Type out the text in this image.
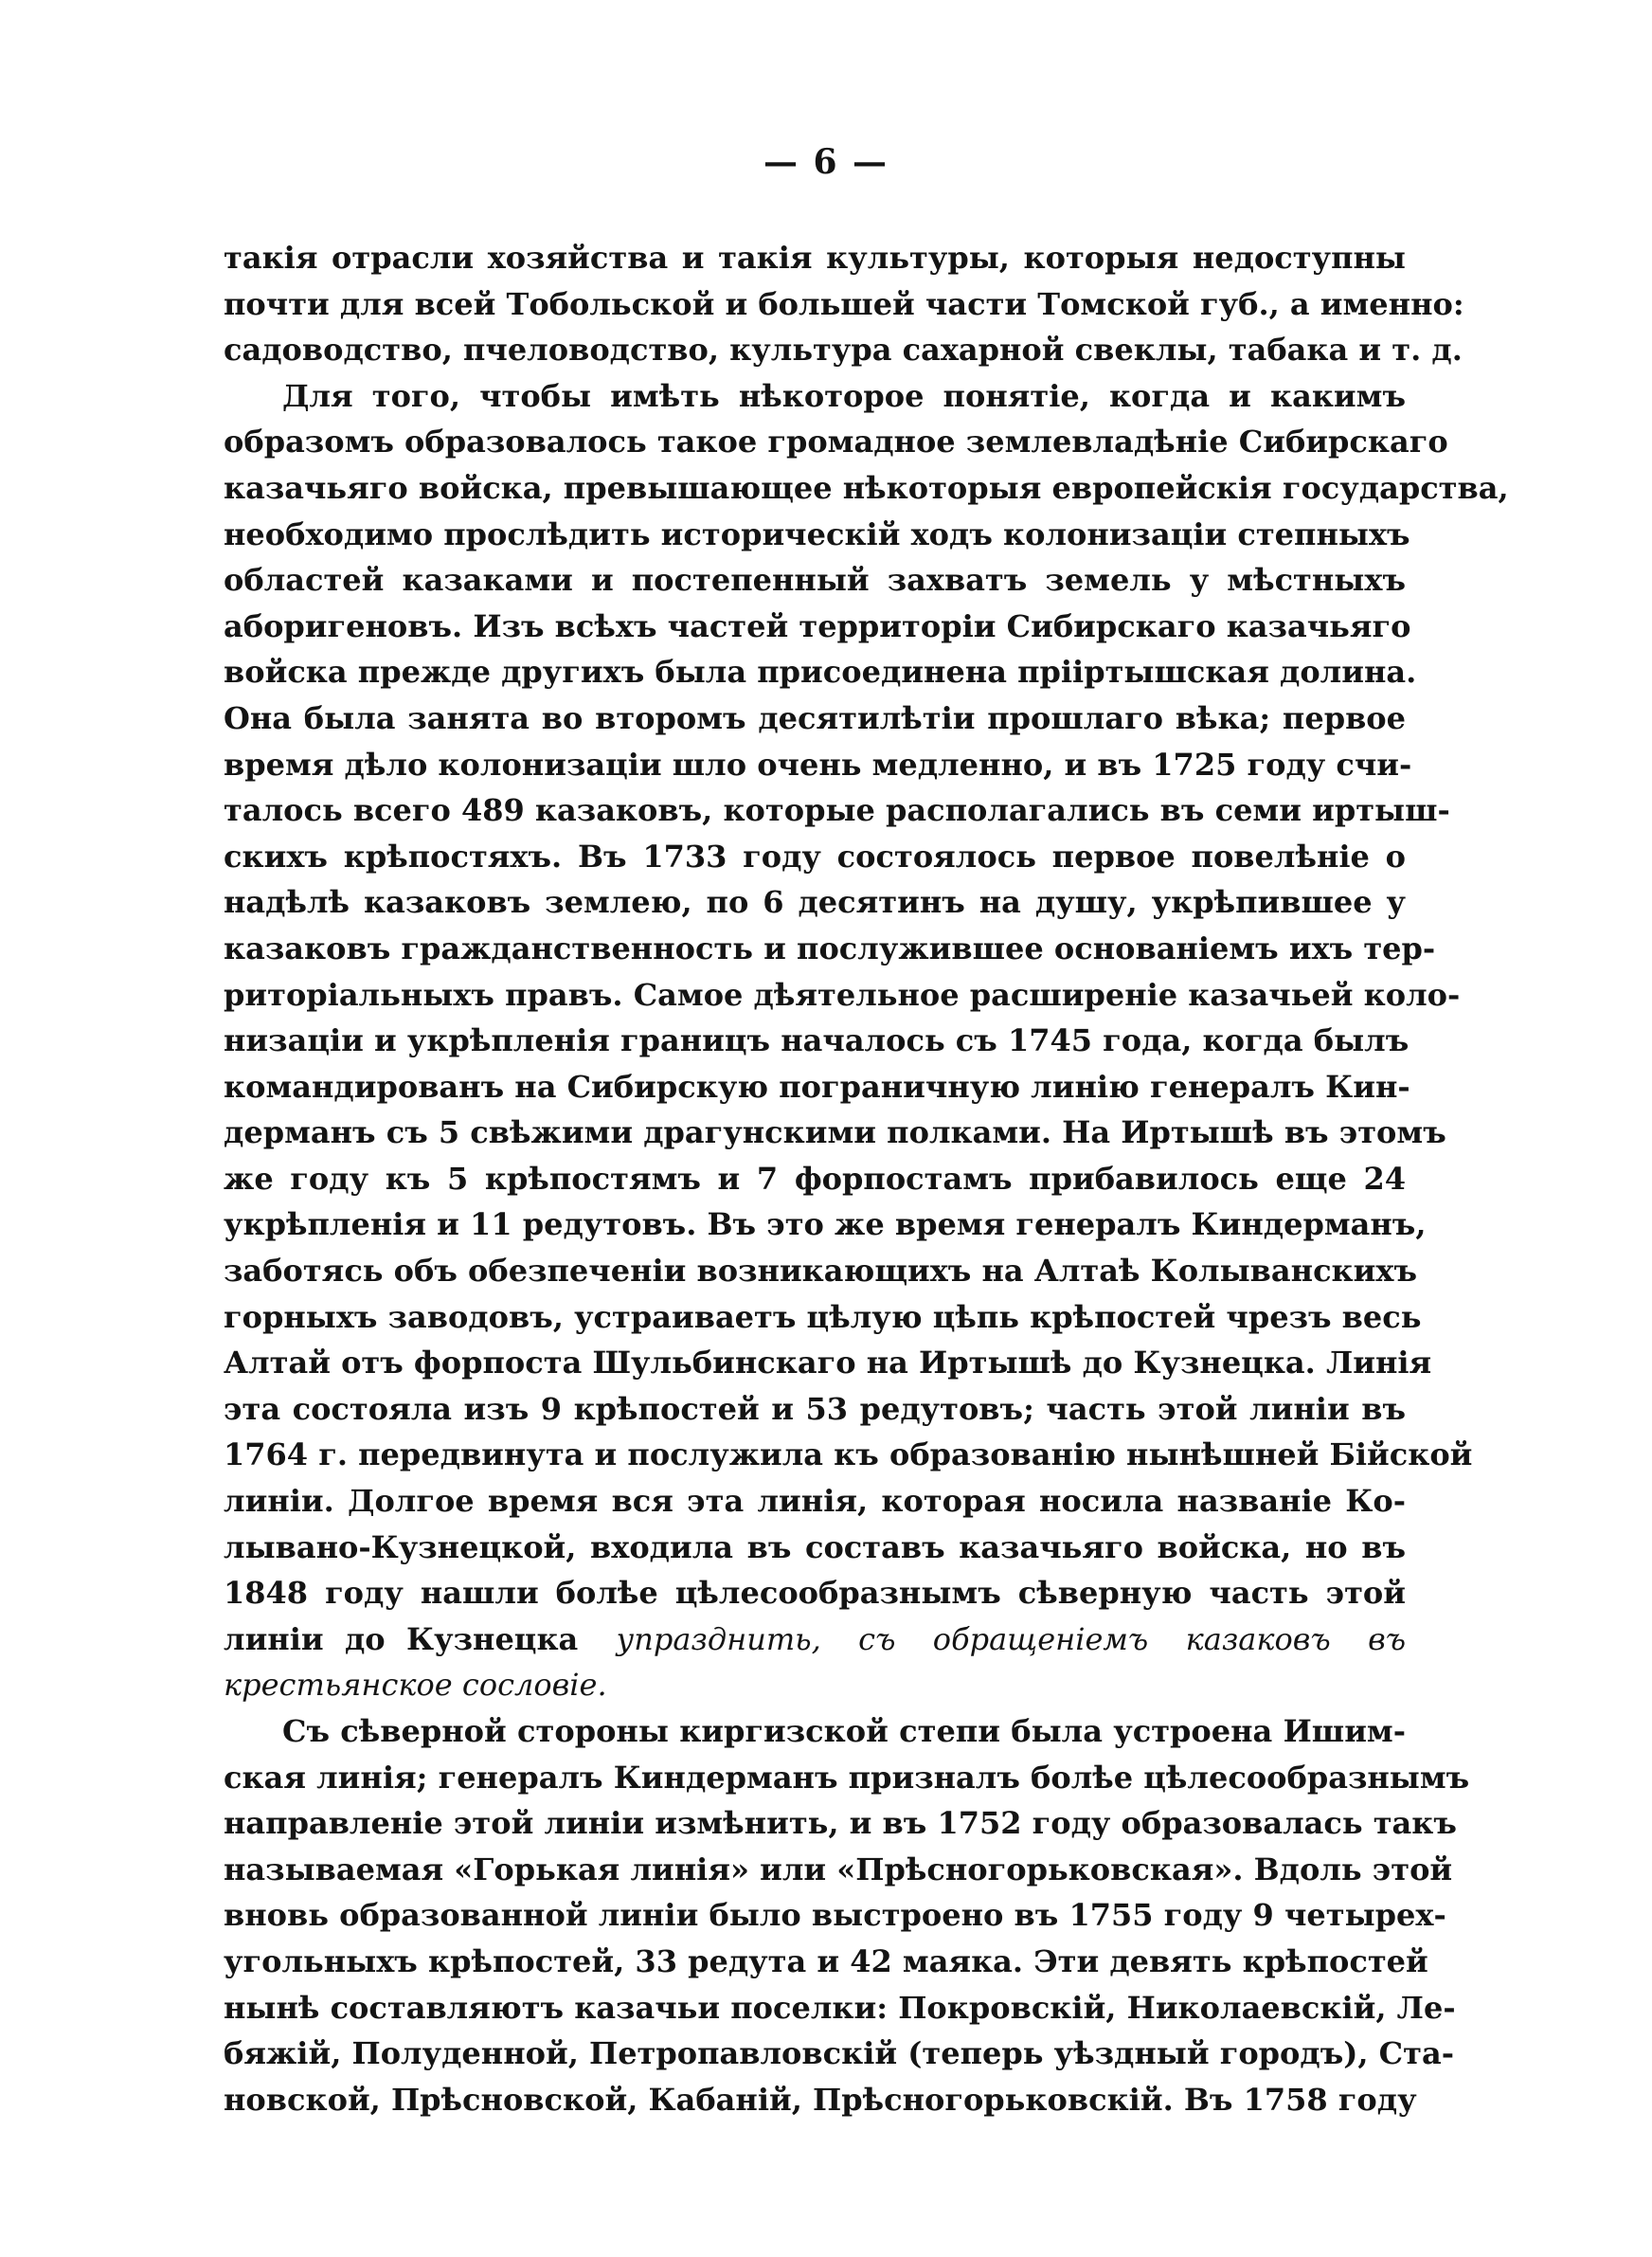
— 6 —
такія отрасли хозяйства и такія культуры, которыя недоступны
почти для всей Тобольской и большей части Томской губ., а именно:
садоводство, пчеловодство, культура сахарной свеклы, табака и т. д.
Для того, чтобы имѣть нѣкоторое понятіе, когда и какимъ
образомъ образовалось такое громадное землевладѣніе Сибирскаго
казачьяго войска, превышающее нѣкоторыя европейскія государства,
необходимо прослѣдить историческій ходъ колонизаціи степныхъ
областей казаками и постепенный захватъ земель у мѣстныхъ
аборигеновъ. Изъ всѣхъ частей территоріи Сибирскаго казачьяго
войска прежде другихъ была присоединена прііртышская долина.
Она была занята во второмъ десятилѣтіи прошлаго вѣка; первое
время дѣло колонизаціи шло очень медленно, и въ 1725 году счи-
талось всего 489 казаковъ, которые располагались въ семи иртыш-
скихъ крѣпостяхъ. Въ 1733 году состоялось первое повелѣніе о
надѣлѣ казаковъ землею, по 6 десятинъ на душу, укрѣпившее у
казаковъ гражданственность и послужившее основаніемъ ихъ тер-
риторіальныхъ правъ. Самое дѣятельное расширеніе казачьей коло-
низаціи и укрѣпленія границъ началось съ 1745 года, когда былъ
командированъ на Сибирскую пограничную линію генералъ Кин-
дерманъ съ 5 свѣжими драгунскими полками. На Иртышѣ въ этомъ
же году къ 5 крѣпостямъ и 7 форпостамъ прибавилось еще 24
укрѣпленія и 11 редутовъ. Въ это же время генералъ Киндерманъ,
заботясь объ обезпеченіи возникающихъ на Алтаѣ Колыванскихъ
горныхъ заводовъ, устраиваетъ цѣлую цѣпь крѣпостей чрезъ весь
Алтай отъ форпоста Шульбинскаго на Иртышѣ до Кузнецка. Линія
эта состояла изъ 9 крѣпостей и 53 редутовъ; часть этой линіи въ
1764 г. передвинута и послужила къ образованію нынѣшней Бійской
линіи. Долгое время вся эта линія, которая носила названіе Ко-
лывано-Кузнецкой, входила въ составъ казачьяго войска, но въ
1848 году нашли болѣе цѣлесообразнымъ сѣверную часть этой
линіи до Кузнецка упразднить, съ обращеніемъ казаковъ въ
крестьянское сословіе.
Съ сѣверной стороны киргизской степи была устроена Ишим-
ская линія; генералъ Киндерманъ призналъ болѣе цѣлесообразнымъ
направленіе этой линіи измѣнить, и въ 1752 году образовалась такъ
называемая «Горькая линія» или «Прѣсногорьковская». Вдоль этой
вновь образованной линіи было выстроено въ 1755 году 9 четырех-
угольныхъ крѣпостей, 33 редута и 42 маяка. Эти девять крѣпостей
нынѣ составляютъ казачьи поселки: Покровскій, Николаевскій, Ле-
бяжій, Полуденной, Петропавловскій (теперь уѣздный городъ), Ста-
новской, Прѣсновской, Кабаній, Прѣсногорьковскій. Въ 1758 году
